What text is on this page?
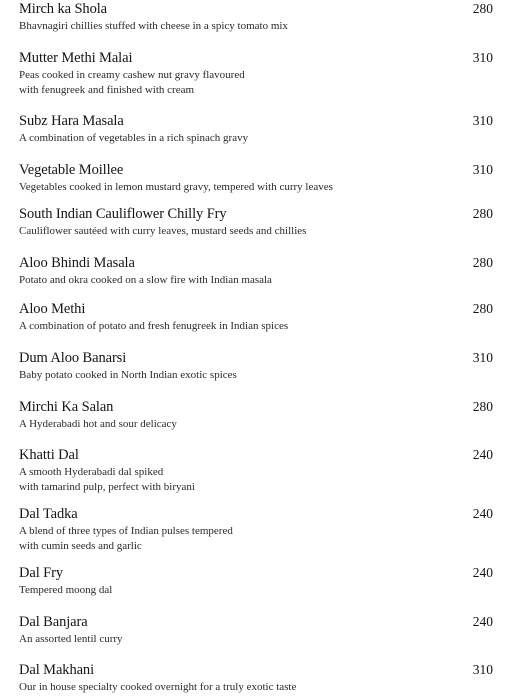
Mirch ka Shola	280
Bhavnagiri chillies stuffed with cheese in a spicy tomato mix
Mutter Methi Malai	310
Peas cooked in creamy cashew nut gravy flavoured
with fenugreek and finished with cream
Subz Hara Masala	310
A combination of vegetables in a rich spinach gravy
Vegetable Moillee	310
Vegetables cooked in lemon mustard gravy, tempered with curry leaves
South Indian Cauliflower Chilly Fry	280
Cauliflower sautéed with curry leaves, mustard seeds and chillies
Aloo Bhindi Masala	280
Potato and okra cooked on a slow fire with Indian masala
Aloo Methi	280
A combination of potato and fresh fenugreek in Indian spices
Dum Aloo Banarsi	310
Baby potato cooked in North Indian exotic spices
Mirchi Ka Salan	280
A Hyderabadi hot and sour delicacy
Khatti Dal	240
A smooth Hyderabadi dal spiked
with tamarind pulp, perfect with biryani
Dal Tadka	240
A blend of three types of Indian pulses tempered
with cumin seeds and garlic
Dal Fry	240
Tempered moong dal
Dal Banjara	240
An assorted lentil curry
Dal Makhani	310
Our in house specialty cooked overnight for a truly exotic taste
